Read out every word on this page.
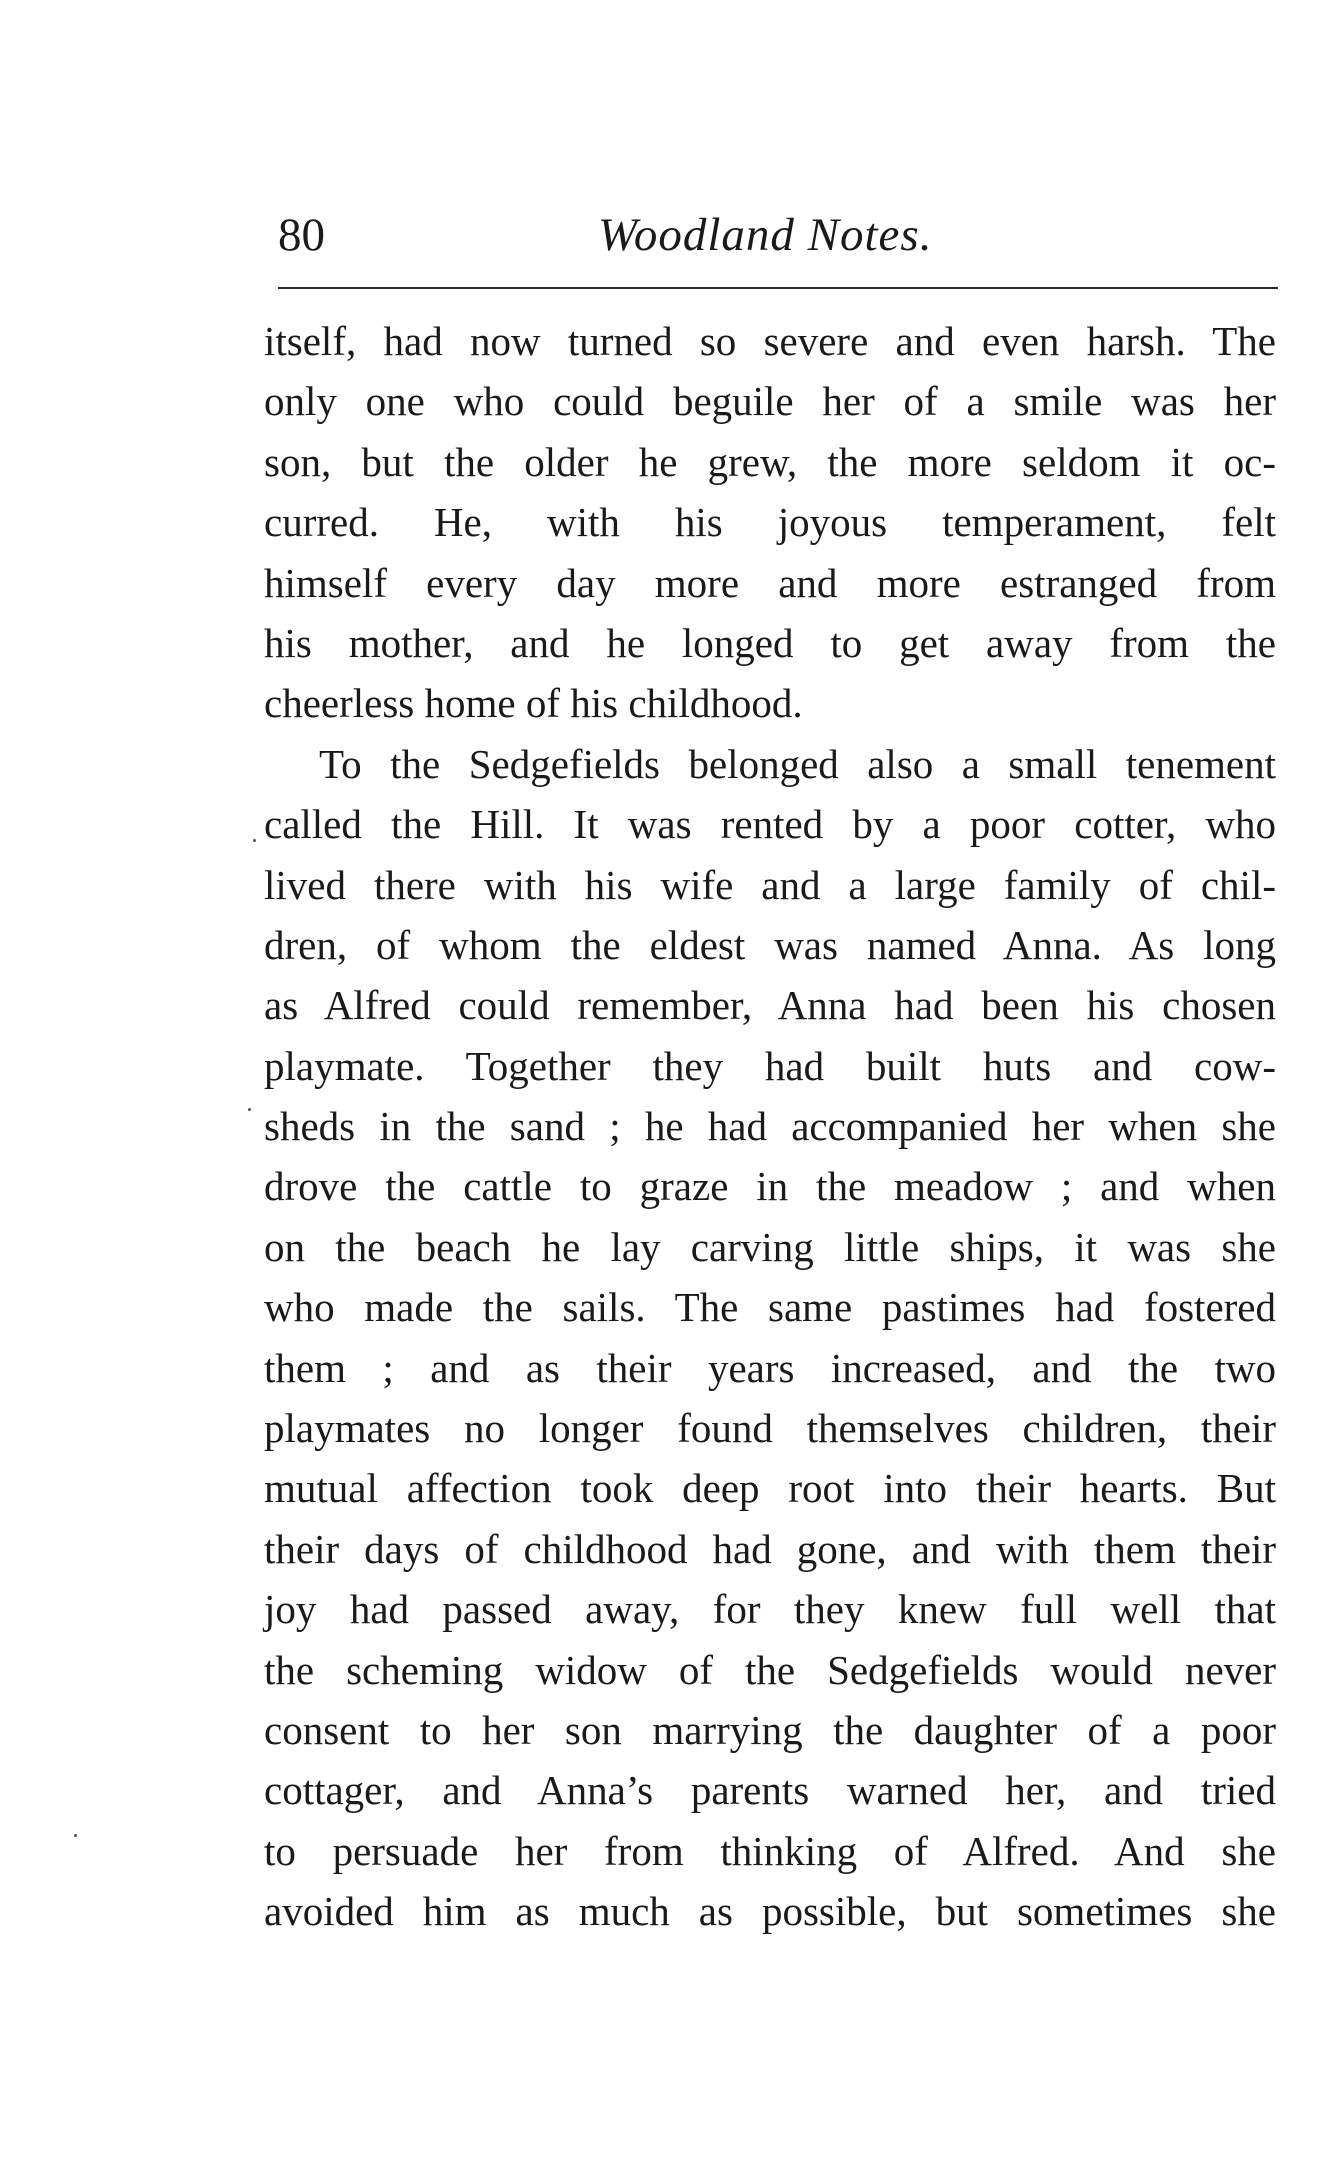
80	Woodland Notes.
itself, had now turned so severe and even harsh. The
only one who could beguile her of a smile was her
son, but the older he grew, the more seldom it oc-
curred. He, with his joyous temperament, felt
himself every day more and more estranged from
his mother, and he longed to get away from the
cheerless home of his childhood.
To the Sedgefields belonged also a small tenement
called the Hill. It was rented by a poor cotter, who
lived there with his wife and a large family of chil-
dren, of whom the eldest was named Anna. As long
as Alfred could remember, Anna had been his chosen
playmate. Together they had built huts and cow-
sheds in the sand ; he had accompanied her when she
drove the cattle to graze in the meadow ; and when
on the beach he lay carving little ships, it was she
who made the sails. The same pastimes had fostered
them ; and as their years increased, and the two
playmates no longer found themselves children, their
mutual affection took deep root into their hearts. But
their days of childhood had gone, and with them their
joy had passed away, for they knew full well that
the scheming widow of the Sedgefields would never
consent to her son marrying the daughter of a poor
cottager, and Anna’s parents warned her, and tried
to persuade her from thinking of Alfred. And she
avoided him as much as possible, but sometimes she
